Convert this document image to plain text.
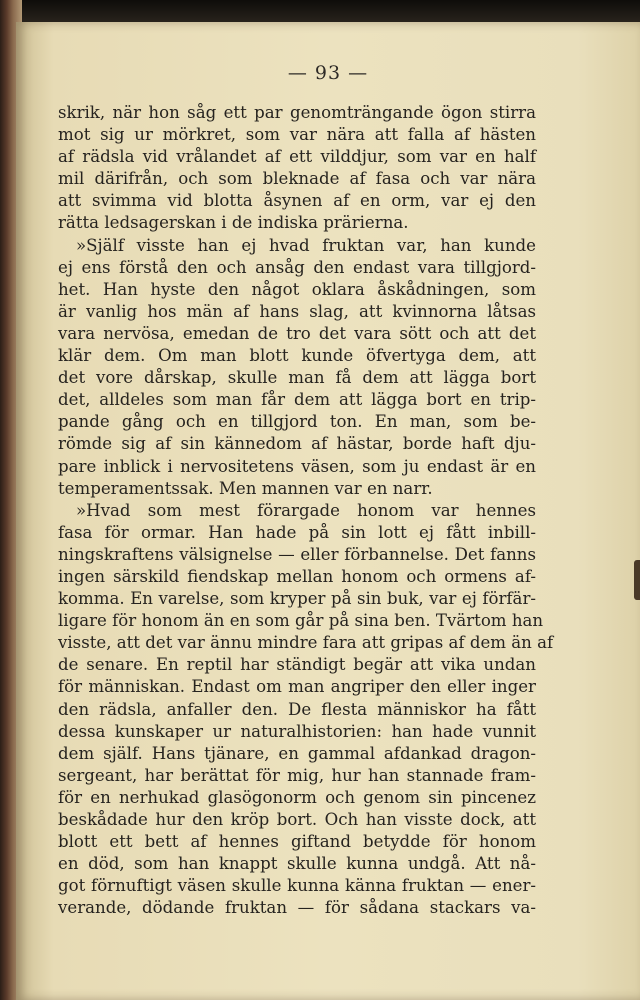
— 93 —
skrik, när hon såg ett par genomträngande ögon stirra
mot sig ur mörkret, som var nära att falla af hästen
af rädsla vid vrålandet af ett vilddjur, som var en half
mil därifrån, och som bleknade af fasa och var nära
att svimma vid blotta åsynen af en orm, var ej den
rätta ledsagerskan i de indiska prärierna.
»Själf visste han ej hvad fruktan var, han kunde
ej ens förstå den och ansåg den endast vara tillgjord-
het. Han hyste den något oklara åskådningen, som
är vanlig hos män af hans slag, att kvinnorna låtsas
vara nervösa, emedan de tro det vara sött och att det
klär dem. Om man blott kunde öfvertyga dem, att
det vore dårskap, skulle man få dem att lägga bort
det, alldeles som man får dem att lägga bort en trip-
pande gång och en tillgjord ton. En man, som be-
römde sig af sin kännedom af hästar, borde haft dju-
pare inblick i nervositetens väsen, som ju endast är en
temperamentssak. Men mannen var en narr.
»Hvad som mest förargade honom var hennes
fasa för ormar. Han hade på sin lott ej fått inbill-
ningskraftens välsignelse — eller förbannelse. Det fanns
ingen särskild fiendskap mellan honom och ormens af-
komma. En varelse, som kryper på sin buk, var ej förfär-
ligare för honom än en som går på sina ben. Tvärtom han
visste, att det var ännu mindre fara att gripas af dem än af
de senare. En reptil har ständigt begär att vika undan
för människan. Endast om man angriper den eller inger
den rädsla, anfaller den. De flesta människor ha fått
dessa kunskaper ur naturalhistorien: han hade vunnit
dem själf. Hans tjänare, en gammal afdankad dragon-
sergeant, har berättat för mig, hur han stannade fram-
för en nerhukad glasögonorm och genom sin pincenez
beskådade hur den kröp bort. Och han visste dock, att
blott ett bett af hennes giftand betydde för honom
en död, som han knappt skulle kunna undgå. Att nå-
got förnuftigt väsen skulle kunna känna fruktan — ener-
verande, dödande fruktan — för sådana stackars va-
